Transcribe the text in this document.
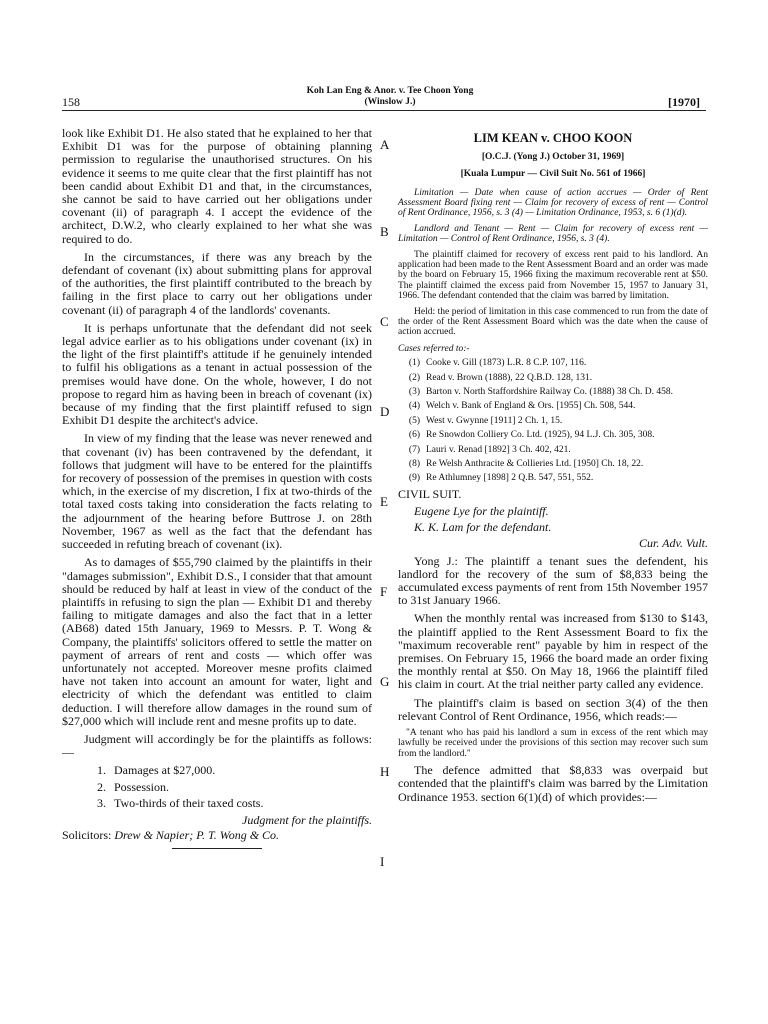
158
Koh Lan Eng & Anor. v. Tee Choon Yong
(Winslow J.)	[1970]

look like Exhibit D1. He also stated that he explained to her that Exhibit D1 was for the purpose of obtaining planning permission to regularise the unauthorised structures. On his evidence it seems to me quite clear that the first plaintiff has not been candid about Exhibit D1 and that, in the circumstances, she cannot be said to have carried out her obligations under covenant (ii) of paragraph 4. I accept the evidence of the architect, D.W.2, who clearly explained to her what she was required to do.

In the circumstances, if there was any breach by the defendant of covenant (ix) about submitting plans for approval of the authorities, the first plaintiff contributed to the breach by failing in the first place to carry out her obligations under covenant (ii) of paragraph 4 of the landlords' covenants.

It is perhaps unfortunate that the defendant did not seek legal advice earlier as to his obligations under covenant (ix) in the light of the first plaintiff's attitude if he genuinely intended to fulfil his obligations as a tenant in actual possession of the premises would have done. On the whole, however, I do not propose to regard him as having been in breach of covenant (ix) because of my finding that the first plaintiff refused to sign Exhibit D1 despite the architect's advice.

In view of my finding that the lease was never renewed and that covenant (iv) has been contravened by the defendant, it follows that judgment will have to be entered for the plaintiffs for recovery of possession of the premises in question with costs which, in the exercise of my discretion, I fix at two-thirds of the total taxed costs taking into consideration the facts relating to the adjournment of the hearing before Buttrose J. on 28th November, 1967 as well as the fact that the defendant has succeeded in refuting breach of covenant (ix).

As to damages of $55,790 claimed by the plaintiffs in their "damages submission", Exhibit D.S., I consider that that amount should be reduced by half at least in view of the conduct of the plaintiffs in refusing to sign the plan — Exhibit D1 and thereby failing to mitigate damages and also the fact that in a letter (AB68) dated 15th January, 1969 to Messrs. P. T. Wong & Company, the plaintiffs' solicitors offered to settle the matter on payment of arrears of rent and costs — which offer was unfortunately not accepted. Moreover mesne profits claimed have not taken into account an amount for water, light and electricity of which the defendant was entitled to claim deduction. I will therefore allow damages in the round sum of $27,000 which will include rent and mesne profits up to date.

Judgment will accordingly be for the plaintiffs as follows: —

1. Damages at $27,000.
2. Possession.
3. Two-thirds of their taxed costs.
Judgment for the plaintiffs.
Solicitors: Drew & Napier; P. T. Wong & Co.
A
B
C
D
E
F
G
H
I
LIM KEAN v. CHOO KOON
[O.C.J. (Yong J.) October 31, 1969]
[Kuala Lumpur — Civil Suit No. 561 of 1966]

Limitation — Date when cause of action accrues — Order of Rent Assessment Board fixing rent — Claim for recovery of excess of rent — Control of Rent Ordinance, 1956, s. 3 (4) — Limitation Ordinance, 1953, s. 6 (1)(d).

Landlord and Tenant — Rent — Claim for recovery of excess rent — Limitation — Control of Rent Ordinance, 1956, s. 3 (4).

The plaintiff claimed for recovery of excess rent paid to his landlord. An application had been made to the Rent Assessment Board and an order was made by the board on February 15, 1966 fixing the maximum recoverable rent at $50. The plaintiff claimed the excess paid from November 15, 1957 to January 31, 1966. The defendant contended that the claim was barred by limitation.

Held: the period of limitation in this case commenced to run from the date of the order of the Rent Assessment Board which was the date when the cause of action accrued.

Cases referred to:-
(1) Cooke v. Gill (1873) L.R. 8 C.P. 107, 116.
(2) Read v. Brown (1888), 22 Q.B.D. 128, 131.
(3) Barton v. North Staffordshire Railway Co. (1888) 38 Ch. D. 458.
(4) Welch v. Bank of England & Ors. [1955] Ch. 508, 544.
(5) West v. Gwynne [1911] 2 Ch. 1, 15.
(6) Re Snowdon Colliery Co. Ltd. (1925), 94 L.J. Ch. 305, 308.
(7) Lauri v. Renad [1892] 3 Ch. 402, 421.
(8) Re Welsh Anthracite & Collieries Ltd. [1950] Ch. 18, 22.
(9) Re Athlumney [1898] 2 Q.B. 547, 551, 552.
CIVIL SUIT.
Eugene Lye for the plaintiff.
K. K. Lam for the defendant.
Cur. Adv. Vult.

Yong J.: The plaintiff a tenant sues the defendent, his landlord for the recovery of the sum of $8,833 being the accumulated excess payments of rent from 15th November 1957 to 31st January 1966.

When the monthly rental was increased from $130 to $143, the plaintiff applied to the Rent Assessment Board to fix the "maximum recoverable rent" payable by him in respect of the premises. On February 15, 1966 the board made an order fixing the monthly rental at $50. On May 18, 1966 the plaintiff filed his claim in court. At the trial neither party called any evidence.

The plaintiff's claim is based on section 3(4) of the then relevant Control of Rent Ordinance, 1956, which reads:—

"A tenant who has paid his landlord a sum in excess of the rent which may lawfully be received under the provisions of this section may recover such sum from the landlord."

The defence admitted that $8,833 was overpaid but contended that the plaintiff's claim was barred by the Limitation Ordinance 1953. section 6(1)(d) of which provides:—
